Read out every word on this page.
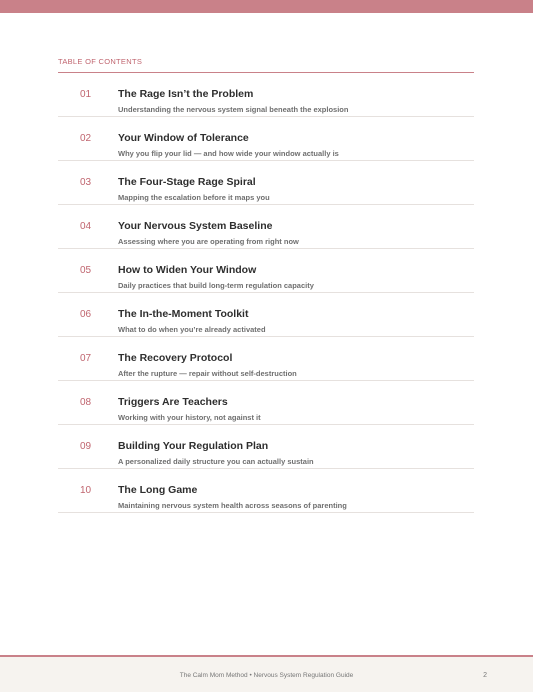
TABLE OF CONTENTS
01	The Rage Isn’t the Problem
Understanding the nervous system signal beneath the explosion
02	Your Window of Tolerance
Why you flip your lid — and how wide your window actually is
03	The Four-Stage Rage Spiral
Mapping the escalation before it maps you
04	Your Nervous System Baseline
Assessing where you are operating from right now
05	How to Widen Your Window
Daily practices that build long-term regulation capacity
06	The In-the-Moment Toolkit
What to do when you’re already activated
07	The Recovery Protocol
After the rupture — repair without self-destruction
08	Triggers Are Teachers
Working with your history, not against it
09	Building Your Regulation Plan
A personalized daily structure you can actually sustain
10	The Long Game
Maintaining nervous system health across seasons of parenting
The Calm Mom Method • Nervous System Regulation Guide	2
